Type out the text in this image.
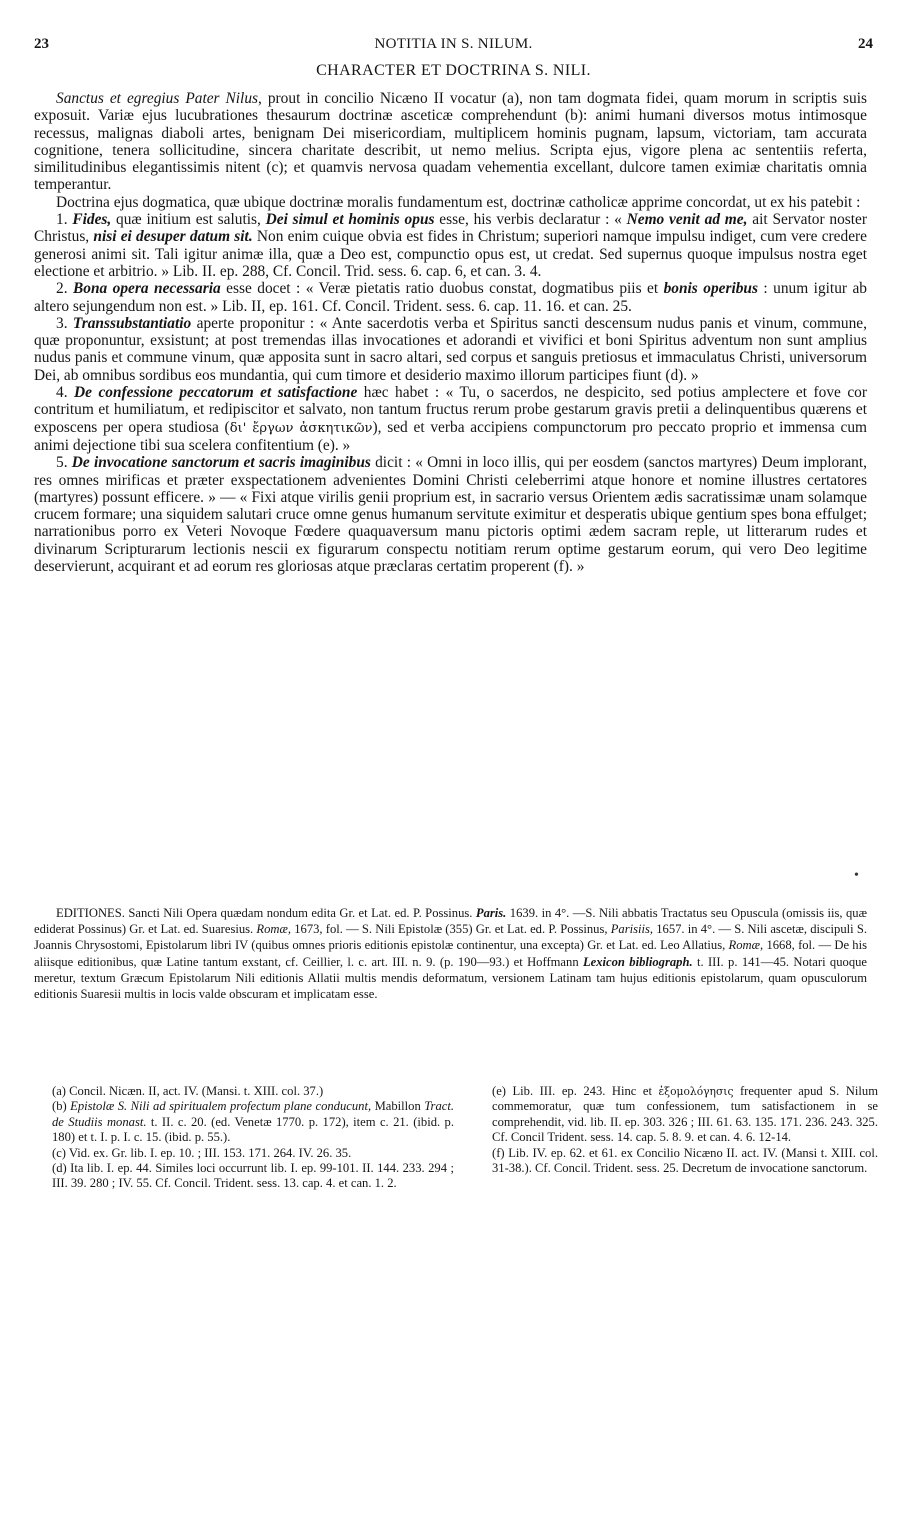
23	NOTITIA IN S. NILUM.	24
CHARACTER ET DOCTRINA S. NILI.

Sanctus et egregius Pater Nilus, prout in concilio Nicæno II vocatur (a), non tam dogmata fidei, quam morum in scriptis suis exposuit. Variæ ejus lucubrationes thesaurum doctrinæ asceticæ comprehendunt (b): animi humani diversos motus intimosque recessus, malignas diaboli artes, benignam Dei misericordiam, multiplicem hominis pugnam, lapsum, victoriam, tam accurata cognitione, tenera sollicitudine, sincera charitate describit, ut nemo melius. Scripta ejus, vigore plena ac sententiis referta, similitudinibus elegantissimis nitent (c); et quamvis nervosa quadam vehementia excellant, dulcore tamen eximiæ charitatis omnia temperantur.

Doctrina ejus dogmatica, quæ ubique doctrinæ moralis fundamentum est, doctrinæ catholicæ apprime concordat, ut ex his patebit :

1. Fides, quæ initium est salutis, Dei simul et hominis opus esse, his verbis declaratur : « Nemo venit ad me, ait Servator noster Christus, nisi ei desuper datum sit. Non enim cuique obvia est fides in Christum; superiori namque impulsu indiget, cum vere credere generosi animi sit. Tali igitur animæ illa, quæ a Deo est, compunctio opus est, ut credat. Sed supernus quoque impulsus nostra eget electione et arbitrio. » Lib. II. ep. 288, Cf. Concil. Trid. sess. 6. cap. 6, et can. 3. 4.

2. Bona opera necessaria esse docet : « Veræ pietatis ratio duobus constat, dogmatibus piis et bonis operibus : unum igitur ab altero sejungendum non est. » Lib. II, ep. 161. Cf. Concil. Trident. sess. 6. cap. 11. 16. et can. 25.

3. Transsubstantiatio aperte proponitur : « Ante sacerdotis verba et Spiritus sancti descensum nudus panis et vinum, commune, quæ proponuntur, exsistunt; at post tremendas illas invocationes et adorandi et vivifici et boni Spiritus adventum non sunt amplius nudus panis et commune vinum, quæ apposita sunt in sacro altari, sed corpus et sanguis pretiosus et immaculatus Christi, universorum Dei, ab omnibus sordibus eos mundantia, qui cum timore et desiderio maximo illorum participes fiunt (d). »

4. De confessione peccatorum et satisfactione hæc habet : « Tu, o sacerdos, ne despicito, sed potius amplectere et fove cor contritum et humiliatum, et redipiscitor et salvato, non tantum fructus rerum probe gestarum gravis pretii a delinquentibus quærens et exposcens per opera studiosa (δι' ἔργων ἀσκητικῶν), sed et verba accipiens compunctorum pro peccato proprio et immensa cum animi dejectione tibi sua scelera confitentium (e). »

5. De invocatione sanctorum et sacris imaginibus dicit : « Omni in loco illis, qui per eosdem (sanctos martyres) Deum implorant, res omnes mirificas et præter exspectationem advenientes Domini Christi celeberrimi atque honore et nomine illustres certatores (martyres) possunt efficere. » — « Fixi atque virilis genii proprium est, in sacrario versus Orientem ædis sacratissimæ unam solamque crucem formare; una siquidem salutari cruce omne genus humanum servitute eximitur et desperatis ubique gentium spes bona effulget; narrationibus porro ex Veteri Novoque Fœdere quaquaversum manu pictoris optimi ædem sacram reple, ut litterarum rudes et divinarum Scripturarum lectionis nescii ex figurarum conspectu notitiam rerum optime gestarum eorum, qui vero Deo legitime deservierunt, acquirant et ad eorum res gloriosas atque præclaras certatim properent (f). »

EDITIONES. Sancti Nili Opera quædam nondum edita Gr. et Lat. ed. P. Possinus. Paris. 1639. in 4°. —S. Nili abbatis Tractatus seu Opuscula (omissis iis, quæ ediderat Possinus) Gr. et Lat. ed. Suaresius. Romæ, 1673, fol. — S. Nili Epistolæ (355) Gr. et Lat. ed. P. Possinus, Parisiis, 1657. in 4°. — S. Nili ascetæ, discipuli S. Joannis Chrysostomi, Epistolarum libri IV (quibus omnes prioris editionis epistolæ continentur, una excepta) Gr. et Lat. ed. Leo Allatius, Romæ, 1668, fol. — De his aliisque editionibus, quæ Latine tantum exstant, cf. Ceillier, l. c. art. III. n. 9. (p. 190—93.) et Hoffmann Lexicon bibliograph. t. III. p. 141—45. Notari quoque meretur, textum Græcum Epistolarum Nili editionis Allatii multis mendis deformatum, versionem Latinam tam hujus editionis epistolarum, quam opusculorum editionis Suaresii multis in locis valde obscuram et implicatam esse.

(a) Concil. Nicæn. II, act. IV. (Mansi. t. XIII. col. 37.)

(b) Epistolæ S. Nili ad spiritualem profectum plane conducunt, Mabillon Tract. de Studiis monast. t. II. c. 20. (ed. Venetæ 1770. p. 172), item c. 21. (ibid. p. 180) et t. I. p. I. c. 15. (ibid. p. 55.).

(c) Vid. ex. Gr. lib. I. ep. 10. ; III. 153. 171. 264. IV. 26. 35.

(d) Ita lib. I. ep. 44. Similes loci occurrunt lib. I. ep. 99-101. II. 144. 233. 294 ; III. 39. 280 ; IV. 55. Cf. Concil. Trident. sess. 13. cap. 4. et can. 1. 2.

(e) Lib. III. ep. 243. Hinc et ἐξομολόγησις frequenter apud S. Nilum commemoratur, quæ tum confessionem, tum satisfactionem in se comprehendit, vid. lib. II. ep. 303. 326 ; III. 61. 63. 135. 171. 236. 243. 325. Cf. Concil Trident. sess. 14. cap. 5. 8. 9. et can. 4. 6. 12-14.

(f) Lib. IV. ep. 62. et 61. ex Concilio Nicæno II. act. IV. (Mansi t. XIII. col. 31-38.). Cf. Concil. Trident. sess. 25. Decretum de invocatione sanctorum.

•
